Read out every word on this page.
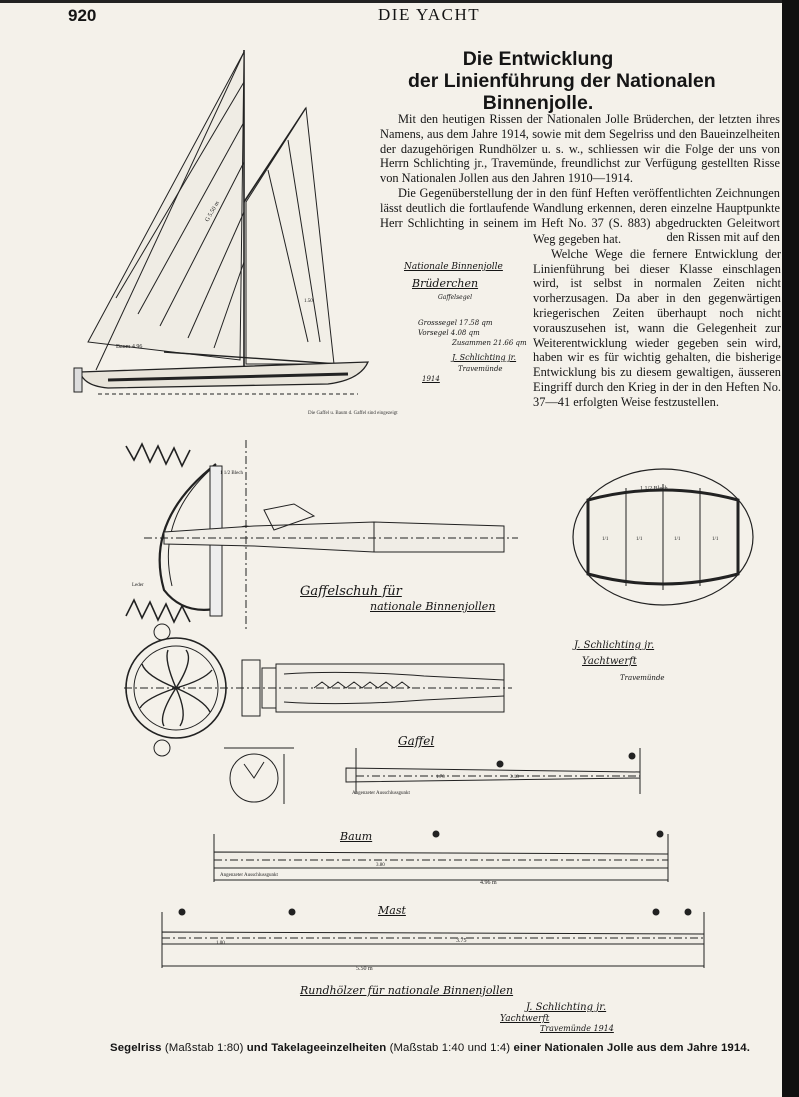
920	DIE YACHT
Die Entwicklung
der Linienführung der Nationalen
Binnenjolle.

Mit den heutigen Rissen der Nationalen Jolle Brüderchen, der letzten ihres Namens, aus dem Jahre 1914, sowie mit dem Segelriss und den Baueinzelheiten der dazugehörigen Rundhölzer u. s. w., schliessen wir die Folge der uns von Herrn Schlichting jr., Travemünde, freundlichst zur Verfügung gestellten Risse von Nationalen Jollen aus den Jahren 1910—1914.

Die Gegenüberstellung der in den fünf Heften veröffentlichten Zeichnungen lässt deutlich die fortlaufende Wandlung erkennen, deren einzelne Hauptpunkte Herr Schlichting in seinem im Heft No. 37 (S. 883) abgedruckten Geleitwort den Rissen mit auf den

Weg gegeben hat.

Welche Wege die fernere Entwicklung der Linienführung bei dieser Klasse einschlagen wird, ist selbst in normalen Zeiten nicht vorherzusagen. Da aber in den gegenwärtigen kriegerischen Zeiten überhaupt noch nicht vorauszusehen ist, wann die Gelegenheit zur Weiterentwicklung wieder gegeben sein wird, haben wir es für wichtig gehalten, die bisherige Entwicklung bis zu diesem gewaltigen, äusseren Eingriff durch den Krieg in der in den Heften No. 37—41 erfolgten Weise festzustellen.

G 5.50 m
Baum 4.96
1.50
Die Gaffel u. Baum d. Gaffel sind eingezeigt
Nationale Binnenjolle
Brüderchen
Gaffelsegel
Grosssegel 17.58 qm
Vorsegel 4.08 qm
Zusammen 21.66 qm
J. Schlichting jr.
Travemünde
1914
1 1/2 Blech
Leder	Gaffelschuh für
nationale Binnenjollen
1 1/2 Blech
1/1	1/1	1/1	1/1
J. Schlichting jr.
Yachtwerft
Travemünde
1.70	3.18
Angenzeter Ausschlussgunkt
Gaffel
3.80
4.96 m
Angenzeter Ausschlussgunkt
Baum
1.00	3.75
5.50 m
Mast
Rundhölzer für nationale Binnenjollen
J. Schlichting jr.
Yachtwerft
Travemünde 1914
Segelriss (Maßstab 1:80) und Takelageeinzelheiten (Maßstab 1:40 und 1:4) einer Nationalen Jolle aus dem Jahre 1914.
